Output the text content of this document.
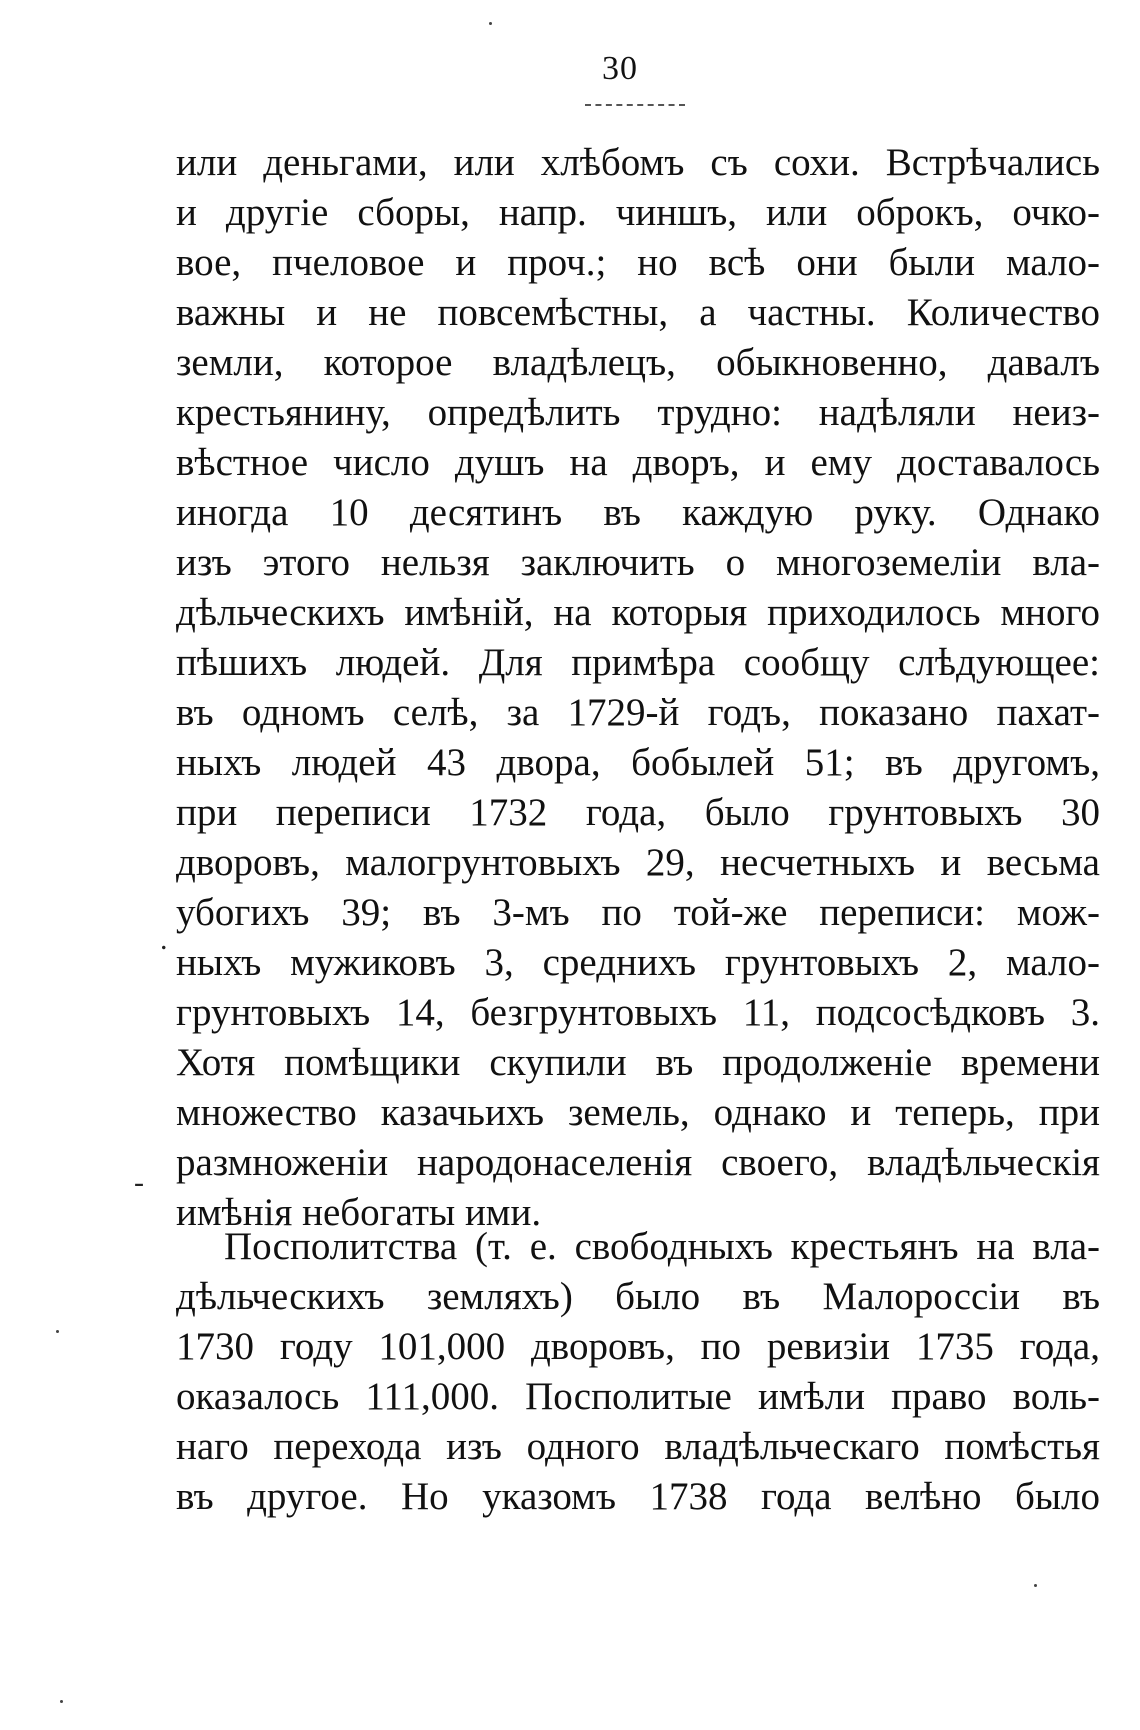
30
или деньгами, или хлѣбомъ съ сохи. Встрѣчались
и другіе сборы, напр. чиншъ, или оброкъ, очко-
вое, пчеловое и проч.; но всѣ они были мало-
важны и не повсемѣстны, а частны. Количество
земли, которое владѣлецъ, обыкновенно, давалъ
крестьянину, опредѣлить трудно: надѣляли неиз-
вѣстное число душъ на дворъ, и ему доставалось
иногда 10 десятинъ въ каждую руку. Однако
изъ этого нельзя заключить о многоземеліи вла-
дѣльческихъ имѣній, на которыя приходилось много
пѣшихъ людей. Для примѣра сообщу слѣдующее:
въ одномъ селѣ, за 1729-й годъ, показано пахат-
ныхъ людей 43 двора, бобылей 51; въ другомъ,
при переписи 1732 года, было грунтовыхъ 30
дворовъ, малогрунтовыхъ 29, несчетныхъ и весьма
убогихъ 39; въ 3-мъ по той-же переписи: мож-
ныхъ мужиковъ 3, среднихъ грунтовыхъ 2, мало-
грунтовыхъ 14, безгрунтовыхъ 11, подсосѣдковъ 3.
Хотя помѣщики скупили въ продолженіе времени
множество казачьихъ земель, однако и теперь, при
размноженіи народонаселенія своего, владѣльческія
имѣнія небогаты ими.
Посполитства (т. е. свободныхъ крестьянъ на вла-
дѣльческихъ земляхъ) было въ Малороссіи въ
1730 году 101,000 дворовъ, по ревизіи 1735 года,
оказалось 111,000. Посполитые имѣли право воль-
наго перехода изъ одного владѣльческаго помѣстья
въ другое. Но указомъ 1738 года велѣно было
.
-
